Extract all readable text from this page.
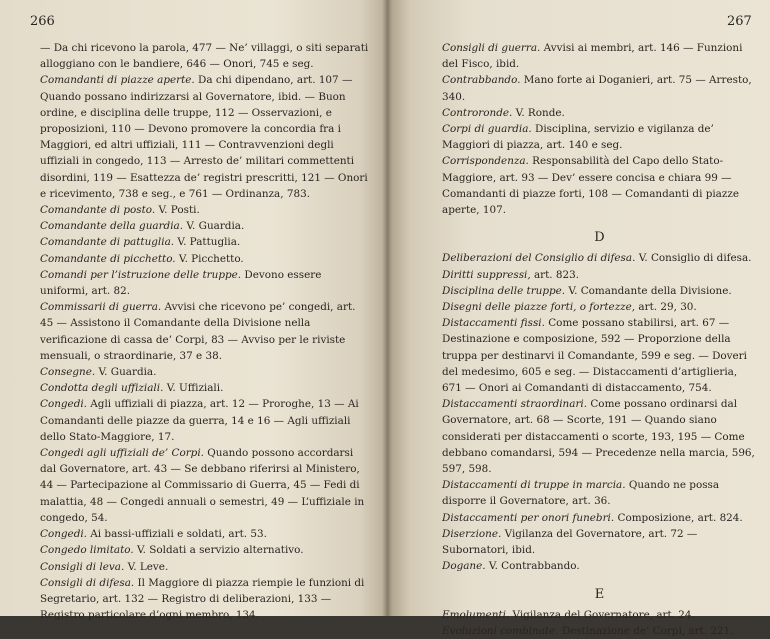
266

— Da chi ricevono la parola, 477 — Ne’ villaggi, o siti separati alloggiano con le bandiere, 646 — Onori, 745 e seg.

Comandanti di piazze aperte. Da chi dipendano, art. 107 — Quando possano indirizzarsi al Governatore, ibid. — Buon ordine, e disciplina delle truppe, 112 — Osservazioni, e proposizioni, 110 — Devono promovere la concordia fra i Maggiori, ed altri uffiziali, 111 — Contravvenzioni degli uffiziali in congedo, 113 — Arresto de’ militari commettenti disordini, 119 — Esattezza de’ registri prescritti, 121 — Onori e ricevimento, 738 e seg., e 761 — Ordinanza, 783.

Comandante di posto. V. Posti.

Comandante della guardia. V. Guardia.

Comandante di pattuglia. V. Pattuglia.

Comandante di picchetto. V. Picchetto.

Comandi per l’istruzione delle truppe. Devono essere uniformi, art. 82.

Commissarii di guerra. Avvisi che ricevono pe’ congedi, art. 45 — Assistono il Comandante della Divisione nella verificazione di cassa de’ Corpi, 83 — Avviso per le riviste mensuali, o straordinarie, 37 e 38.

Consegne. V. Guardia.

Condotta degli uffiziali. V. Uffiziali.

Congedi. Agli uffiziali di piazza, art. 12 — Proroghe, 13 — Ai Comandanti delle piazze da guerra, 14 e 16 — Agli uffiziali dello Stato-Maggiore, 17.

Congedi agli uffiziali de’ Corpi. Quando possono accordarsi dal Governatore, art. 43 — Se debbano riferirsi al Ministero, 44 — Partecipazione al Commissario di Guerra, 45 — Fedi di malattia, 48 — Congedi annuali o semestri, 49 — L’uffiziale in congedo, 54.

Congedi. Ai bassi-uffiziali e soldati, art. 53.

Congedo limitato. V. Soldati a servizio alternativo.

Consigli di leva. V. Leve.

Consigli di difesa. Il Maggiore di piazza riempie le funzioni di Segretario, art. 132 — Registro di deliberazioni, 133 — Registro particolare d’ogni membro, 134.

267

Consigli di guerra. Avvisi ai membri, art. 146 — Funzioni del Fisco, ibid.

Contrabbando. Mano forte ai Doganieri, art. 75 — Arresto, 340.

Controronde. V. Ronde.

Corpi di guardia. Disciplina, servizio e vigilanza de’ Maggiori di piazza, art. 140 e seg.

Corrispondenza. Responsabilità del Capo dello Stato-Maggiore, art. 93 — Dev’ essere concisa e chiara 99 — Comandanti di piazze forti, 108 — Comandanti di piazze aperte, 107.

D

Deliberazioni del Consiglio di difesa. V. Consiglio di difesa.

Diritti suppressi, art. 823.

Disciplina delle truppe. V. Comandante della Divisione.

Disegni delle piazze forti, o fortezze, art. 29, 30.

Distaccamenti fissi. Come possano stabilirsi, art. 67 — Destinazione e composizione, 592 — Proporzione della truppa per destinarvi il Comandante, 599 e seg. — Doveri del medesimo, 605 e seg. — Distaccamenti d’artiglieria, 671 — Onori ai Comandanti di distaccamento, 754.

Distaccamenti straordinari. Come possano ordinarsi dal Governatore, art. 68 — Scorte, 191 — Quando siano considerati per distaccamenti o scorte, 193, 195 — Come debbano comandarsi, 594 — Precedenze nella marcia, 596, 597, 598.

Distaccamenti di truppe in marcia. Quando ne possa disporre il Governatore, art. 36.

Distaccamenti per onori funebri. Composizione, art. 824.

Diserzione. Vigilanza del Governatore, art. 72 — Subornatori, ibid.

Dogane. V. Contrabbando.

E

Emolumenti. Vigilanza del Governatore, art. 24.

Evoluzioni combinate. Destinazione de’ Corpi, art. 221.
